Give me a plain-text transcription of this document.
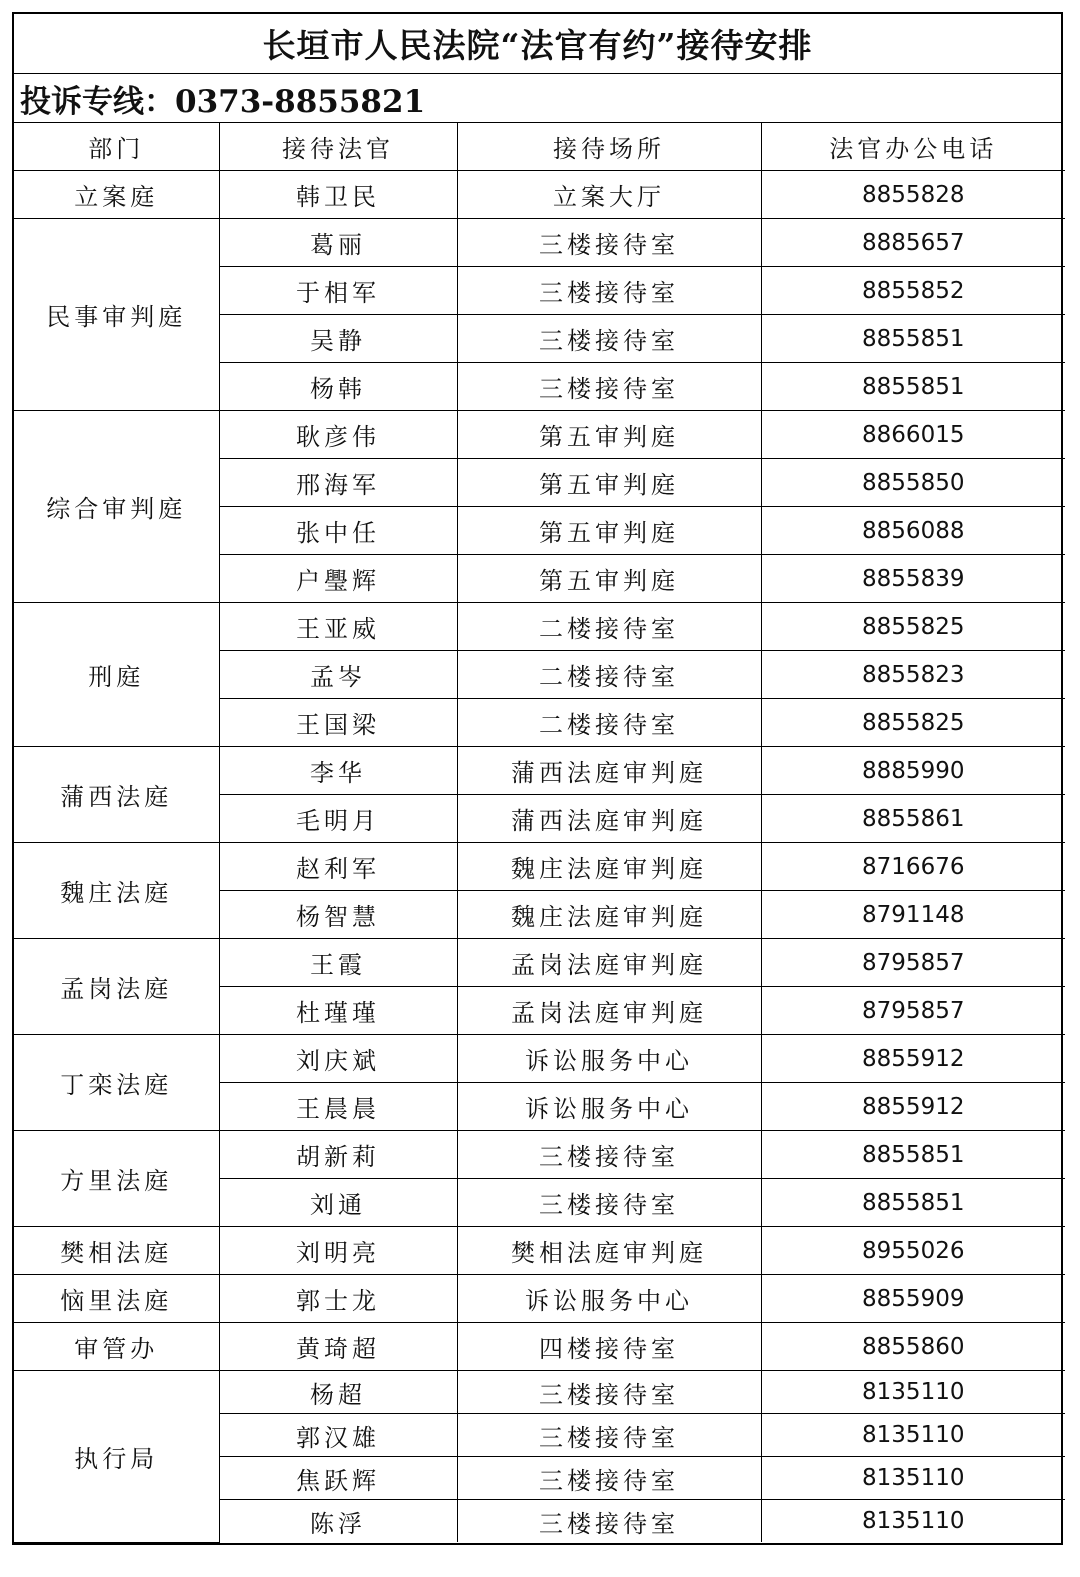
长垣市人民法院“法官有约”接待安排
投诉专线：0373-8855821
部门	接待法官	接待场所	法官办公电话
立案庭	韩卫民	立案大厅	8855828
民事审判庭	葛丽	三楼接待室	8885657
	于相军	三楼接待室	8855852
	吴静	三楼接待室	8855851
	杨韩	三楼接待室	8855851
综合审判庭	耿彦伟	第五审判庭	8866015
	邢海军	第五审判庭	8855850
	张中任	第五审判庭	8856088
	户璺辉	第五审判庭	8855839
刑庭	王亚威	二楼接待室	8855825
	孟岑	二楼接待室	8855823
	王国梁	二楼接待室	8855825
蒲西法庭	李华	蒲西法庭审判庭	8885990
	毛明月	蒲西法庭审判庭	8855861
魏庄法庭	赵利军	魏庄法庭审判庭	8716676
	杨智慧	魏庄法庭审判庭	8791148
孟岗法庭	王霞	孟岗法庭审判庭	8795857
	杜瑾瑾	孟岗法庭审判庭	8795857
丁栾法庭	刘庆斌	诉讼服务中心	8855912
	王晨晨	诉讼服务中心	8855912
方里法庭	胡新莉	三楼接待室	8855851
	刘通	三楼接待室	8855851
樊相法庭	刘明亮	樊相法庭审判庭	8955026
恼里法庭	郭士龙	诉讼服务中心	8855909
审管办	黄琦超	四楼接待室	8855860
执行局	杨超	三楼接待室	8135110
	郭汉雄	三楼接待室	8135110
	焦跃辉	三楼接待室	8135110
	陈浮	三楼接待室	8135110
